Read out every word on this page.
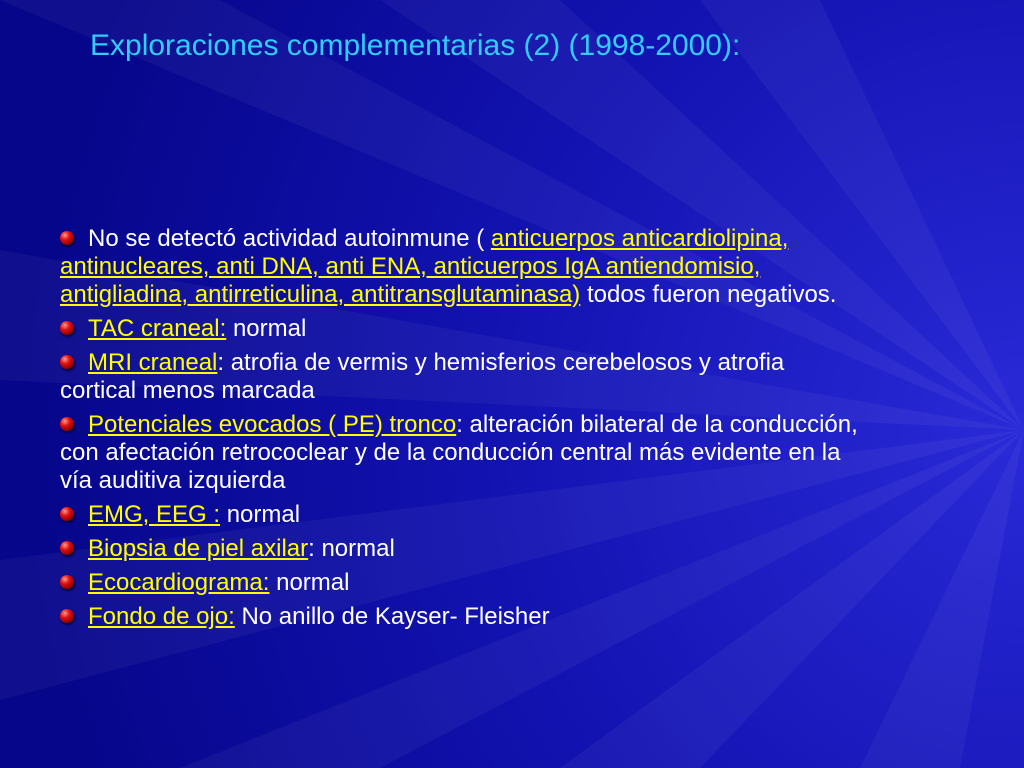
Exploraciones complementarias (2) (1998-2000):
No se detectó actividad autoinmune ( anticuerpos anticardiolipina, antinucleares, anti DNA, anti ENA, anticuerpos IgA antiendomisio, antigliadina, antirreticulina, antitransglutaminasa) todos fueron negativos.
TAC craneal: normal
MRI craneal: atrofia de vermis y hemisferios cerebelosos y atrofia cortical menos marcada
Potenciales evocados ( PE) tronco: alteración bilateral de la conducción, con afectación retrococlear y de la conducción central más evidente en la vía auditiva izquierda
EMG, EEG : normal
Biopsia de piel axilar: normal
Ecocardiograma: normal
Fondo de ojo: No anillo de Kayser- Fleisher
